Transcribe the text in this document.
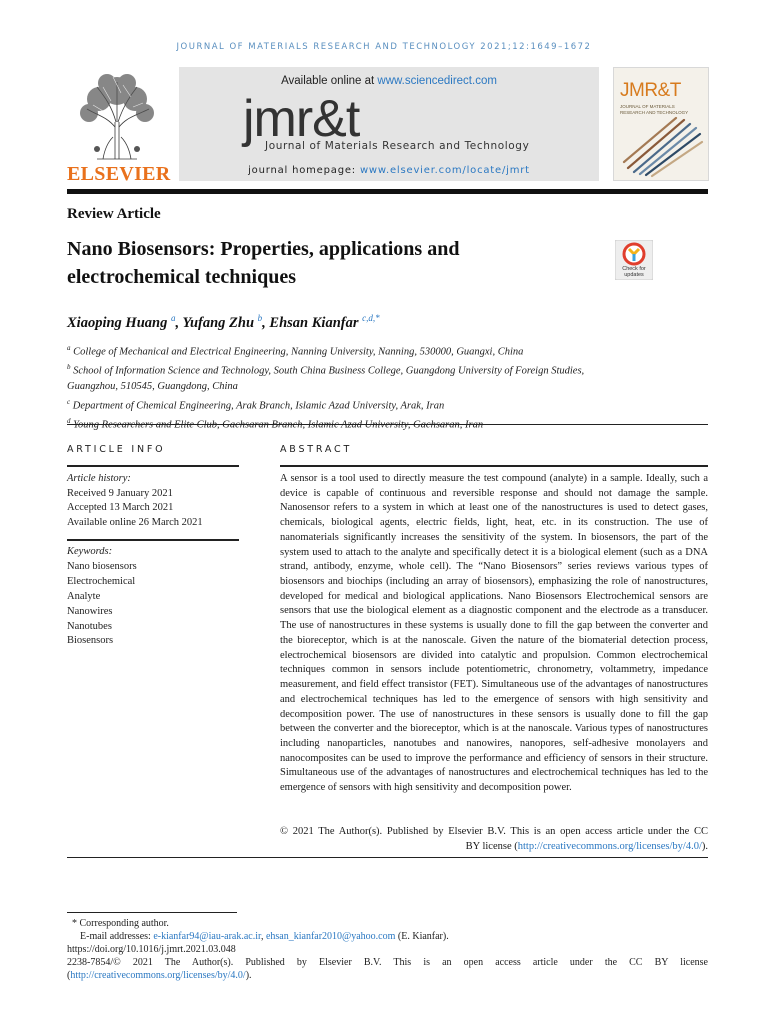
JOURNAL OF MATERIALS RESEARCH AND TECHNOLOGY 2021;12:1649–1672
ELSEVIER
Available online at www.sciencedirect.com
jmr&t
Journal of Materials Research and Technology
journal homepage: www.elsevier.com/locate/jmrt
JMR&T
JOURNAL OF MATERIALS RESEARCH AND TECHNOLOGY
Review Article
Nano Biosensors: Properties, applications and electrochemical techniques	Check for updates
Xiaoping Huang $^a$, Yufang Zhu $^b$, Ehsan Kianfar $^{c,d,*}$
$^a$ College of Mechanical and Electrical Engineering, Nanning University, Nanning, 530000, Guangxi, China
$^b$ School of Information Science and Technology, South China Business College, Guangdong University of Foreign Studies, Guangzhou, 510545, Guangdong, China
$^c$ Department of Chemical Engineering, Arak Branch, Islamic Azad University, Arak, Iran
$^d$
ARTICLE INFO	ABSTRACT
Article history:
Received 9 January 2021
Accepted 13 March 2021
Available online 26 March 2021
Keywords:
Nano biosensors
Electrochemical
Analyte
Nanowires
Nanotubes
Biosensors
A sensor is a tool used to directly measure the test compound (analyte) in a sample. Ideally, such a device is capable of continuous and reversible response and should not damage the sample. Nanosensor refers to a system in which at least one of the nanostructures is used to detect gases, chemicals, biological agents, electric fields, light, heat, etc. in its construction. The use of nanomaterials significantly increases the sensitivity of the system. In biosensors, the part of the system used to attach to the analyte and specifically detect it is a biological element (such as a DNA strand, antibody, enzyme, whole cell). The “Nano Biosensors” series reviews various types of biosensors and biochips (including an array of biosensors), emphasizing the role of nanostructures, developed for medical and biological applications. Nano Biosensors Electrochemical sensors are sensors that use the biological element as a diagnostic component and the electrode as a transducer. The use of nanostructures in these systems is usually done to fill the gap between the converter and the bioreceptor, which is at the nanoscale. Given the nature of the biomaterial detection process, electrochemical biosensors are divided into catalytic and propulsion. Common electrochemical techniques common in sensors include potentiometric, chronometry, voltammetry, impedance measurement, and field effect transistor (FET). Simultaneous use of the advantages of nanostructures and electrochemical techniques has led to the emergence of sensors with high sensitivity and decomposition power. The use of nanostructures in these sensors is usually done to fill the gap between the converter and the bioreceptor, which is at the nanoscale. Various types of nanostructures including nanoparticles, nanotubes and nanowires, nanopores, self-adhesive monolayers and nanocomposites can be used to improve the performance and efficiency of sensors in their structure. Simultaneous use of the advantages of nanostructures and electrochemical techniques has led to the emergence of sensors with high sensitivity and decomposition power.
© 2021 The Author(s). Published by Elsevier B.V. This is an open access article under the CC
BY license (http://creativecommons.org/licenses/by/4.0/).
* Corresponding author.
E-mail addresses: e-kianfar94@iau-arak.ac.ir, ehsan_kianfar2010@yahoo.com (E. Kianfar).
https://doi.org/10.1016/j.jmrt.2021.03.048
2238-7854/© 2021 The Author(s). Published by Elsevier B.V. This is an open access article under the CC BY license (http://creativecommons.org/licenses/by/4.0/).
